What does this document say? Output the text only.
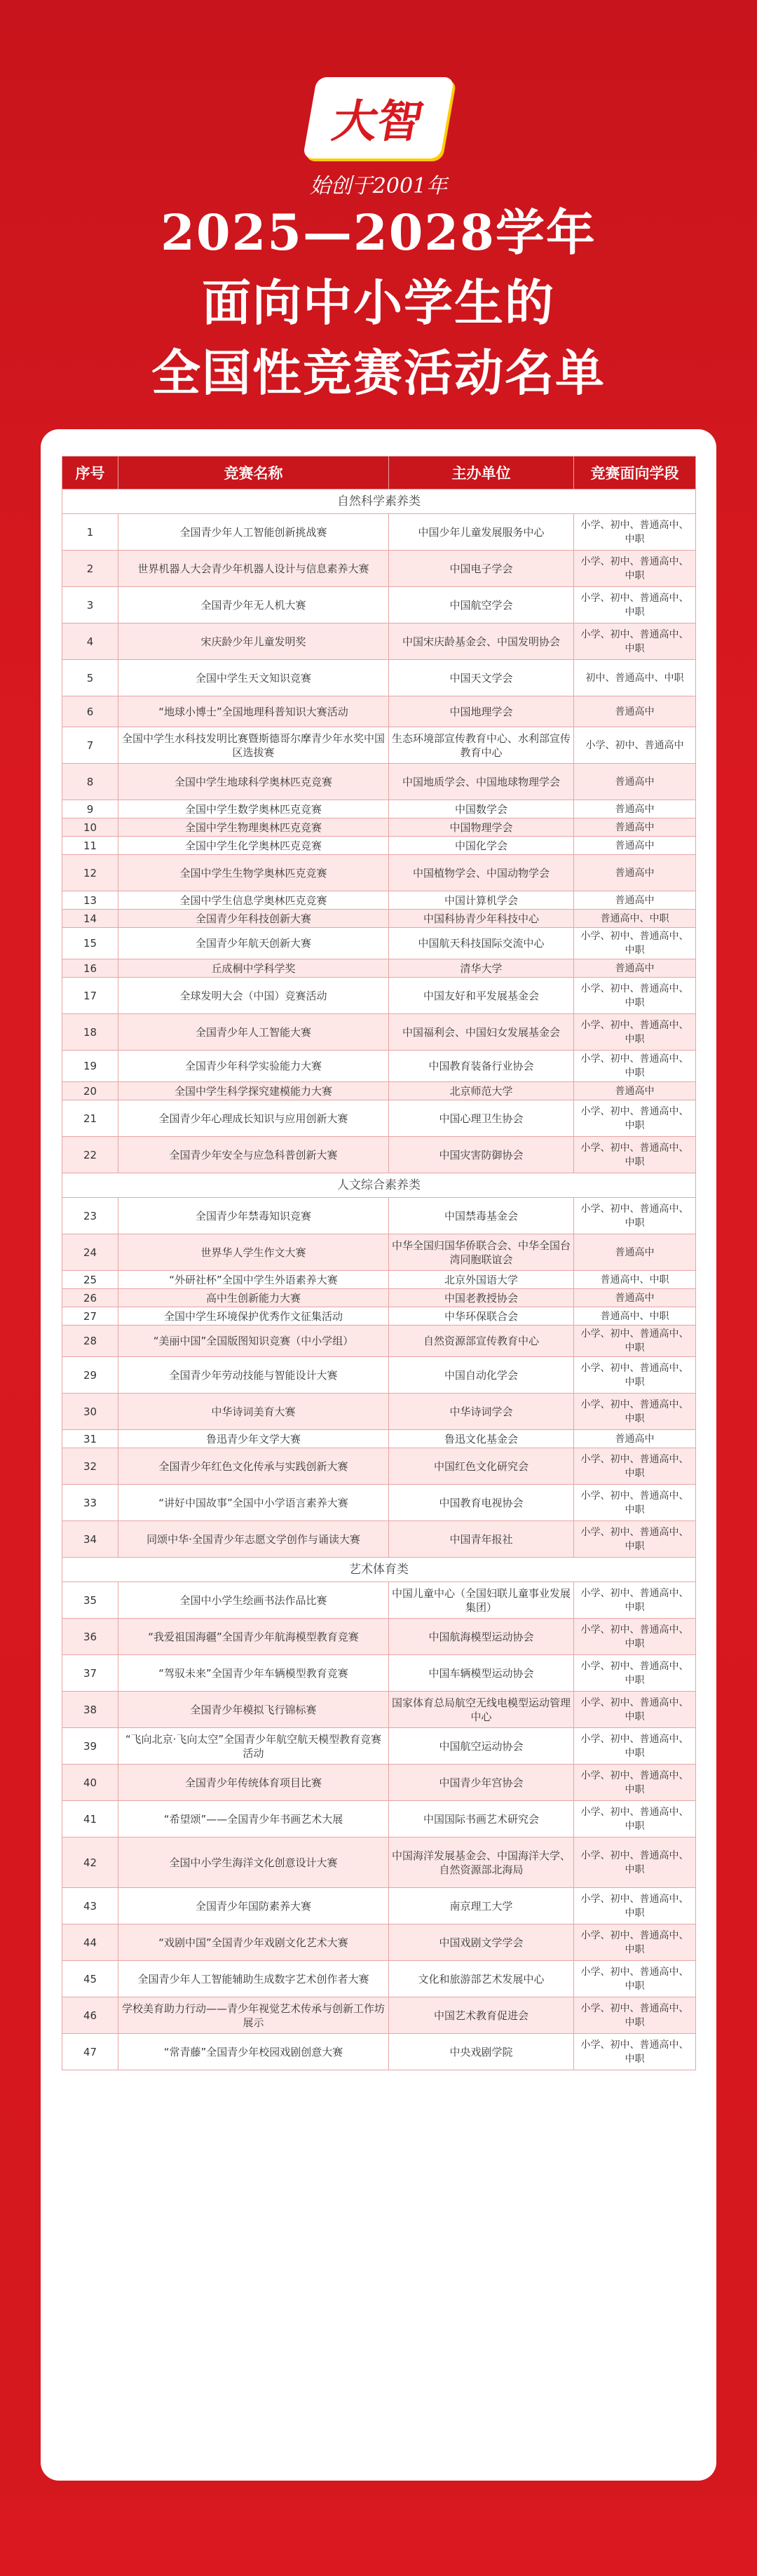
大智
始创于2001年
2025—2028学年
面向中小学生的
全国性竞赛活动名单
序号	竞赛名称	主办单位	竞赛面向学段
自然科学素养类			
1	全国青少年人工智能创新挑战赛	中国少年儿童发展服务中心	小学、初中、普通高中、中职
2	世界机器人大会青少年机器人设计与信息素养大赛	中国电子学会	小学、初中、普通高中、中职
3	全国青少年无人机大赛	中国航空学会	小学、初中、普通高中、中职
4	宋庆龄少年儿童发明奖	中国宋庆龄基金会、中国发明协会	小学、初中、普通高中、中职
5	全国中学生天文知识竞赛	中国天文学会	初中、普通高中、中职
6	“地球小博士”全国地理科普知识大赛活动	中国地理学会	普通高中
7	全国中学生水科技发明比赛暨斯德哥尔摩青少年水奖中国区选拔赛	生态环境部宣传教育中心、水利部宣传教育中心	小学、初中、普通高中
8	全国中学生地球科学奥林匹克竞赛	中国地质学会、中国地球物理学会	普通高中
9	全国中学生数学奥林匹克竞赛	中国数学会	普通高中
10	全国中学生物理奥林匹克竞赛	中国物理学会	普通高中
11	全国中学生化学奥林匹克竞赛	中国化学会	普通高中
12	全国中学生生物学奥林匹克竞赛	中国植物学会、中国动物学会	普通高中
13	全国中学生信息学奥林匹克竞赛	中国计算机学会	普通高中
14	全国青少年科技创新大赛	中国科协青少年科技中心	普通高中、中职
15	全国青少年航天创新大赛	中国航天科技国际交流中心	小学、初中、普通高中、中职
16	丘成桐中学科学奖	清华大学	普通高中
17	全球发明大会（中国）竞赛活动	中国友好和平发展基金会	小学、初中、普通高中、中职
18	全国青少年人工智能大赛	中国福利会、中国妇女发展基金会	小学、初中、普通高中、中职
19	全国青少年科学实验能力大赛	中国教育装备行业协会	小学、初中、普通高中、中职
20	全国中学生科学探究建模能力大赛	北京师范大学	普通高中
21	全国青少年心理成长知识与应用创新大赛	中国心理卫生协会	小学、初中、普通高中、中职
22	全国青少年安全与应急科普创新大赛	中国灾害防御协会	小学、初中、普通高中、中职
人文综合素养类			
23	全国青少年禁毒知识竞赛	中国禁毒基金会	小学、初中、普通高中、中职
24	世界华人学生作文大赛	中华全国归国华侨联合会、中华全国台湾同胞联谊会	普通高中
25	“外研社杯”全国中学生外语素养大赛	北京外国语大学	普通高中、中职
26	高中生创新能力大赛	中国老教授协会	普通高中
27	全国中学生环境保护优秀作文征集活动	中华环保联合会	普通高中、中职
28	“美丽中国”全国版图知识竞赛（中小学组）	自然资源部宣传教育中心	小学、初中、普通高中、中职
29	全国青少年劳动技能与智能设计大赛	中国自动化学会	小学、初中、普通高中、中职
30	中华诗词美育大赛	中华诗词学会	小学、初中、普通高中、中职
31	鲁迅青少年文学大赛	鲁迅文化基金会	普通高中
32	全国青少年红色文化传承与实践创新大赛	中国红色文化研究会	小学、初中、普通高中、中职
33	“讲好中国故事”全国中小学语言素养大赛	中国教育电视协会	小学、初中、普通高中、中职
34	同颂中华·全国青少年志愿文学创作与诵读大赛	中国青年报社	小学、初中、普通高中、中职
艺术体育类			
35	全国中小学生绘画书法作品比赛	中国儿童中心（全国妇联儿童事业发展集团）	小学、初中、普通高中、中职
36	“我爱祖国海疆”全国青少年航海模型教育竞赛	中国航海模型运动协会	小学、初中、普通高中、中职
37	“驾驭未来”全国青少年车辆模型教育竞赛	中国车辆模型运动协会	小学、初中、普通高中、中职
38	全国青少年模拟飞行锦标赛	国家体育总局航空无线电模型运动管理中心	小学、初中、普通高中、中职
39	“飞向北京·飞向太空”全国青少年航空航天模型教育竞赛活动	中国航空运动协会	小学、初中、普通高中、中职
40	全国青少年传统体育项目比赛	中国青少年宫协会	小学、初中、普通高中、中职
41	“希望颂”——全国青少年书画艺术大展	中国国际书画艺术研究会	小学、初中、普通高中、中职
42	全国中小学生海洋文化创意设计大赛	中国海洋发展基金会、中国海洋大学、自然资源部北海局	小学、初中、普通高中、中职
43	全国青少年国防素养大赛	南京理工大学	小学、初中、普通高中、中职
44	“戏剧中国”全国青少年戏剧文化艺术大赛	中国戏剧文学学会	小学、初中、普通高中、中职
45	全国青少年人工智能辅助生成数字艺术创作者大赛	文化和旅游部艺术发展中心	小学、初中、普通高中、中职
46	学校美育助力行动——青少年视觉艺术传承与创新工作坊展示	中国艺术教育促进会	小学、初中、普通高中、中职
47	“常青藤”全国青少年校园戏剧创意大赛	中央戏剧学院	小学、初中、普通高中、中职
